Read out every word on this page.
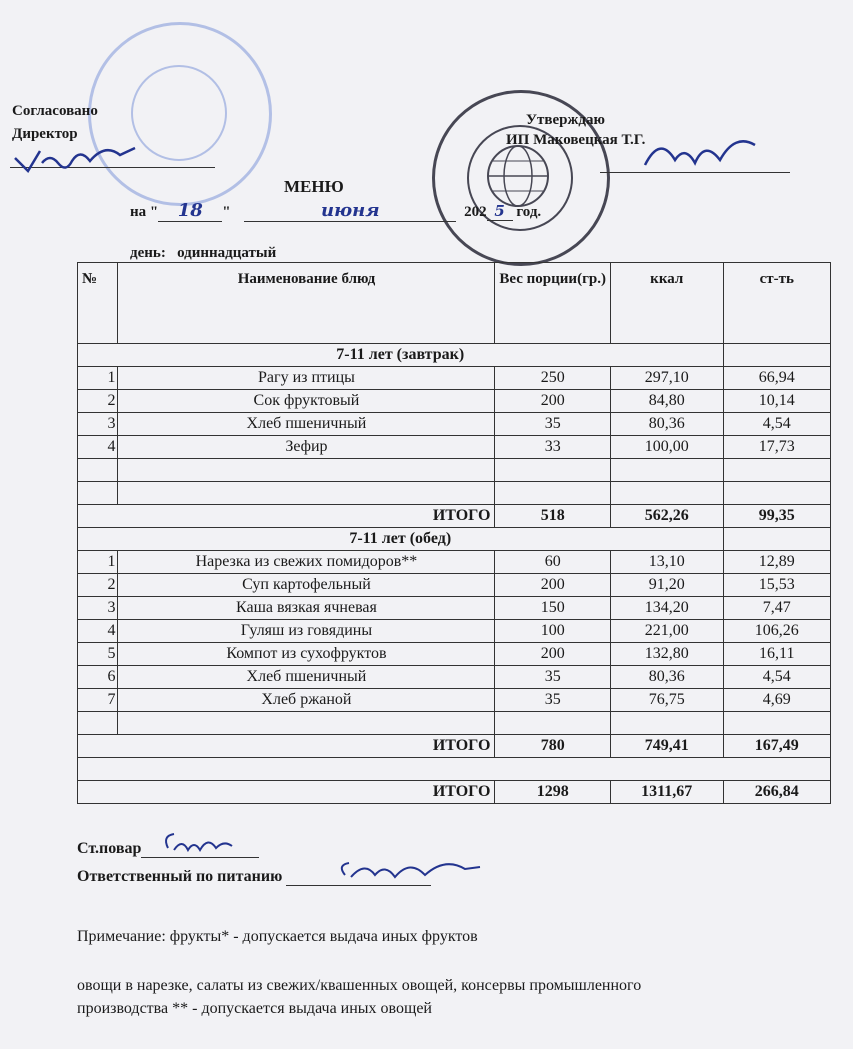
Согласовано
Директор
Утверждаю
ИП Маковецкая Т.Г.
МЕНЮ
на " 18 "	июня	202 5 год.
день: одиннадцатый
№	Наименование блюд	Вес порции(гр.)	ккал	ст-ть
7-11 лет (завтрак)				
1	Рагу из птицы	250	297,10	66,94
2	Сок фруктовый	200	84,80	10,14
3	Хлеб пшеничный	35	80,36	4,54
4	Зефир	33	100,00	17,73

ИТОГО		518	562,26	99,35
7-11 лет (обед)				
1	Нарезка из свежих помидоров**	60	13,10	12,89
2	Суп картофельный	200	91,20	15,53
3	Каша вязкая ячневая	150	134,20	7,47
4	Гуляш из говядины	100	221,00	106,26
5	Компот из сухофруктов	200	132,80	16,11
6	Хлеб пшеничный	35	80,36	4,54
7	Хлеб ржаной	35	76,75	4,69

ИТОГО		780	749,41	167,49

ИТОГО		1298	1311,67	266,84
Ст.повар
Ответственный по питанию
Примечание: фрукты* - допускается выдача иных фруктов
овощи в нарезке, салаты из свежих/квашенных овощей, консервы промышленного
производства ** - допускается выдача иных овощей
